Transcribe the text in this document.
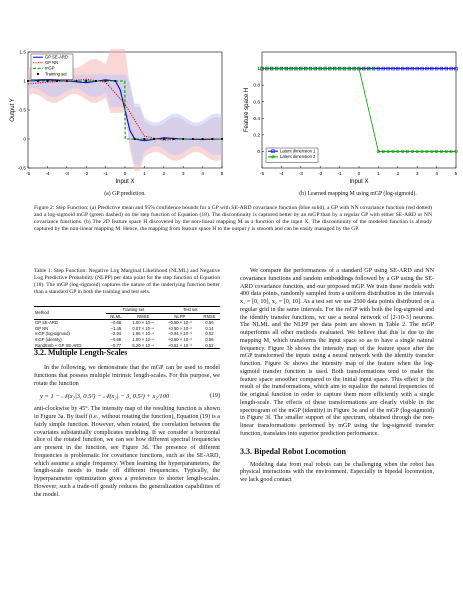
-5	-4	-3	-2	-1	0	1	2	3	4	5
-0.5
0
0.5
1
1.5
Input X
Output Y
GP SE-ARD
GP NN
mGP
Training set
(a) GP prediction.
-5	-4	-3	-2	-1	0	1	2	3	4	5
0
0.2
0.4
0.6
0.8
1
Input X
Feature space H
Latent dimension 1
Latent dimension 2
(b) Learned mapping M using mGP (log-sigmoid).
Figure 2: Step Function: (a) Predictive mean and 95% confidence bounds for a GP with SE-ARD covariance function (blue solid), a GP with NN covariance function (red dotted) and a log-sigmoid mGP (green dashed) on the step function of Equation (18). The discontinuity is captured better by an mGP than by a regular GP with either SE-ARD or NN covariance functions. (b) The 2D feature space H discovered by the non-linear mapping M as a function of the input X. The discontinuity of the modeled function is already captured by the non-linear mapping M. Hence, the mapping from feature space H to the output y is smooth and can be easily managed by the GP.
Table 1: Step Function: Negative Log Marginal Likelihood (NLML) and Negative Log Predictive Probability (NLPP) per data point for the step function of Equation (18). The mGP (log-sigmoid) captures the nature of the underlying function better than a standard GP in both the training and test sets.
Method	Training set		Test set	
	NLML	RMSE	NLPP	RMSE
GP SE-ARD	−0.68	1.00 × 10⁻⁴	+0.50 × 10⁻³	0.56
GP NN	−1.49	0.07 × 10⁻⁴	+0.50 × 10⁻³	0.14
mGP (log-sigmoid)	−2.94	1.96 × 10⁻⁴	−0.94 × 10⁻³	0.02
mGP (identity)	−0.68	1.00 × 10⁻⁴	+0.50 × 10⁻³	0.56
RandEmb + GP SE-ARD	−0.77	5.20 × 10⁻⁴	+0.51 × 10⁻³	0.52
3.2. Multiple Length-Scales

In the following, we demonstrate that the mGP can be used to model functions that possess multiple intrinsic length-scales. For this purpose, we rotate the function

y = 1 − 𝒩(x₂|3, 0.5²) − 𝒩(x₂| − 3, 0.5²) + x₂/100	(19)

anti-clockwise by 45°. The intensity map of the resulting function is shown in Figure 3a. By itself (i.e., without rotating the function), Equation (19) is a fairly simple function. However, when rotated, the correlation between the covariates substantially complicates modeling. If we consider a horizontal slice of the rotated function, we can see how different spectral frequencies are present in the function, see Figure 3d. The presence of different frequencies is problematic for covariance functions, such as the SE-ARD, which assume a single frequency. When learning the hyperparameters, the length-scale needs to trade off different frequencies. Typically, the hyperparameter optimization gives a preference to shorter length-scales. However, such a trade-off greatly reduces the generalization capabilities of the model.

We compare the performances of a standard GP using SE-ARD and NN covariance functions and random embeddings followed by a GP using the SE-ARD covariance function, and our proposed mGP. We train these models with 400 data points, randomly sampled from a uniform distribution in the intervals x₁ = [0, 10], x₂ = [0, 10]. As a test set we use 2500 data points distributed on a regular grid in the same intervals. For the mGP with both the log-sigmoid and the identify transfer functions, we use a neural network of [2-10-3] neurons. The NLML and the NLPP per data point are shown in Table 2. The mGP outperforms all other methods evaluated. We believe that this is due to the mapping M, which transforms the input space so as to have a single natural frequency. Figure 3b shows the intensity map of the feature space after the mGP transformed the inputs using a neural network with the identify transfer function. Figure 3c shows the intensity map of the feature when the log-sigmoid transfer function is used. Both transformations tend to make the feature space smoother compared to the initial input space. This effect is the result of the transformations, which aim to equalize the natural frequencies of the original function in order to capture them more efficiently with a single length-scale. The effects of these transformations are clearly visible in the spectrogram of the mGP (identity) in Figure 3e and of the mGP (log-sigmoid) in Figure 3f. The smaller support of the spectrum, obtained through the non-linear transformations performed by mGP using the log-sigmoid transfer function, translates into superior prediction performance.

3.3. Bipedal Robot Locomotion

Modeling data from real robots can be challenging when the robot has physical interactions with the environment. Especially in bipedal locomotion, we lack good contact
